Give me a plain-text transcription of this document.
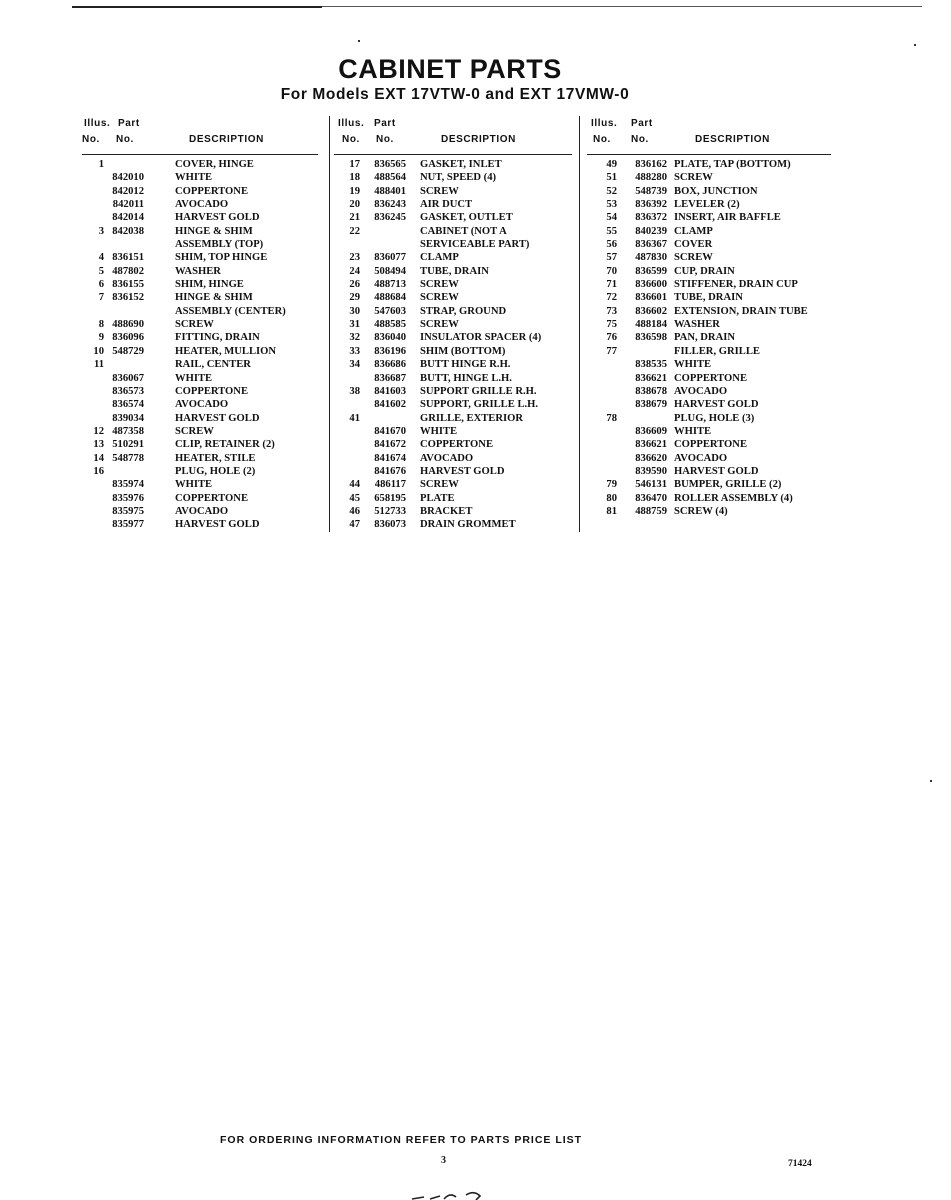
CABINET PARTS
For Models EXT 17VTW-0 and EXT 17VMW-0
Illus. Part
No. No.	DESCRIPTION
1	COVER, HINGE
842010	WHITE
842012	COPPERTONE
842011	AVOCADO
842014	HARVEST GOLD
3 842038	HINGE & SHIM
ASSEMBLY (TOP)
4 836151	SHIM, TOP HINGE
5 487802	WASHER
6 836155	SHIM, HINGE
7 836152	HINGE & SHIM
ASSEMBLY (CENTER)
8 488690	SCREW
9 836096	FITTING, DRAIN
10 548729	HEATER, MULLION
11	RAIL, CENTER
836067	WHITE
836573	COPPERTONE
836574	AVOCADO
839034	HARVEST GOLD
12 487358	SCREW
13 510291	CLIP, RETAINER (2)
14 548778	HEATER, STILE
16	PLUG, HOLE (2)
835974	WHITE
835976	COPPERTONE
835975	AVOCADO
835977	HARVEST GOLD
Illus. Part
No. No.	DESCRIPTION
17 836565 GASKET, INLET
18 488564 NUT, SPEED (4)
19 488401 SCREW
20 836243 AIR DUCT
21 836245 GASKET, OUTLET
22	CABINET (NOT A
SERVICEABLE PART)
23 836077 CLAMP
24 508494 TUBE, DRAIN
26 488713 SCREW
29 488684 SCREW
30 547603 STRAP, GROUND
31 488585 SCREW
32 836040 INSULATOR SPACER (4)
33 836196 SHIM (BOTTOM)
34 836686 BUTT HINGE R.H.
836687 BUTT, HINGE L.H.
38 841603 SUPPORT GRILLE R.H.
841602 SUPPORT, GRILLE L.H.
41	GRILLE, EXTERIOR
841670 WHITE
841672 COPPERTONE
841674 AVOCADO
841676 HARVEST GOLD
44 486117 SCREW
45 658195 PLATE
46 512733 BRACKET
47 836073 DRAIN GROMMET
Illus. Part
No. No.	DESCRIPTION
49 836162 PLATE, TAP (BOTTOM)
51 488280 SCREW
52 548739 BOX, JUNCTION
53 836392 LEVELER (2)
54 836372 INSERT, AIR BAFFLE
55 840239 CLAMP
56 836367 COVER
57 487830 SCREW
70 836599 CUP, DRAIN
71 836600 STIFFENER, DRAIN CUP
72 836601 TUBE, DRAIN
73 836602 EXTENSION, DRAIN TUBE
75 488184 WASHER
76 836598 PAN, DRAIN
77	FILLER, GRILLE
838535 WHITE
836621 COPPERTONE
838678 AVOCADO
838679 HARVEST GOLD
78	PLUG, HOLE (3)
836609 WHITE
836621 COPPERTONE
836620 AVOCADO
839590 HARVEST GOLD
79 546131 BUMPER, GRILLE (2)
80 836470 ROLLER ASSEMBLY (4)
81 488759 SCREW (4)
FOR ORDERING INFORMATION REFER TO PARTS PRICE LIST
3	71424
